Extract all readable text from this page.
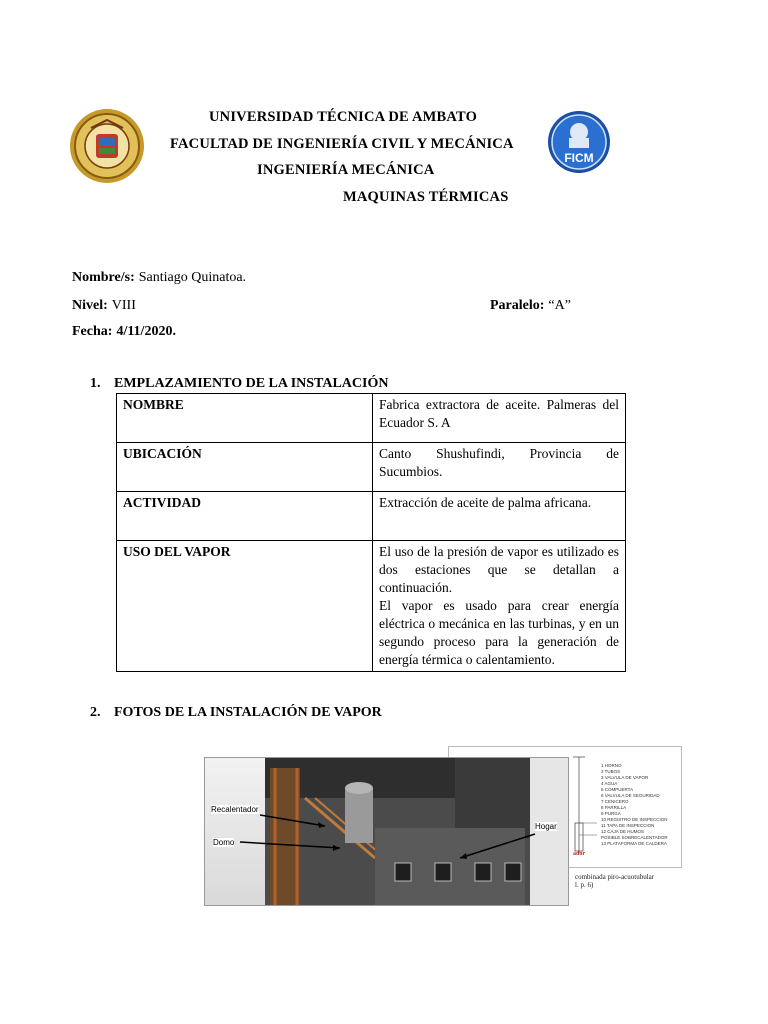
FICM
UNIVERSIDAD TÉCNICA DE AMBATO
FACULTAD DE INGENIERÍA CIVIL Y MECÁNICA
INGENIERÍA MECÁNICA
MAQUINAS TÉRMICAS
Nombre/s: Santiago Quinatoa.
Nivel: VIII	Paralelo: “A”
Fecha: 4/11/2020.
1. EMPLAZAMIENTO DE LA INSTALACIÓN
NOMBRE	Fabrica extractora de aceite. Palmeras del Ecuador S. A
UBICACIÓN	Canto Shushufindi, Provincia de Sucumbios.
ACTIVIDAD	Extracción de aceite de palma africana.
USO DEL VAPOR	El uso de la presión de vapor es utilizado es dos estaciones que se detallan a continuación.
El vapor es usado para crear energía eléctrica o mecánica en las turbinas, y en un segundo proceso para la generación de energía térmica o calentamiento.
2. FOTOS DE LA INSTALACIÓN DE VAPOR
1 HORNO
2 TUBOS
3 VALVULA DE VAPOR
4 AGUA
5 COMPUERTA
6 VALVULA DE SEGURIDAD
7 CENICERO
8 PARRILLA
9 PURGA
10 REGISTRO DE INSPECCION
11 TAPA DE INSPECCION
12 CAJA DE HUMOS
POSIBLE SOBRECALENTADOR
13 PLATAFORMA DE CALDERA
ador
combinada piro-acuotubular
l. p. 6)
Recalentador
Domo
Hogar
